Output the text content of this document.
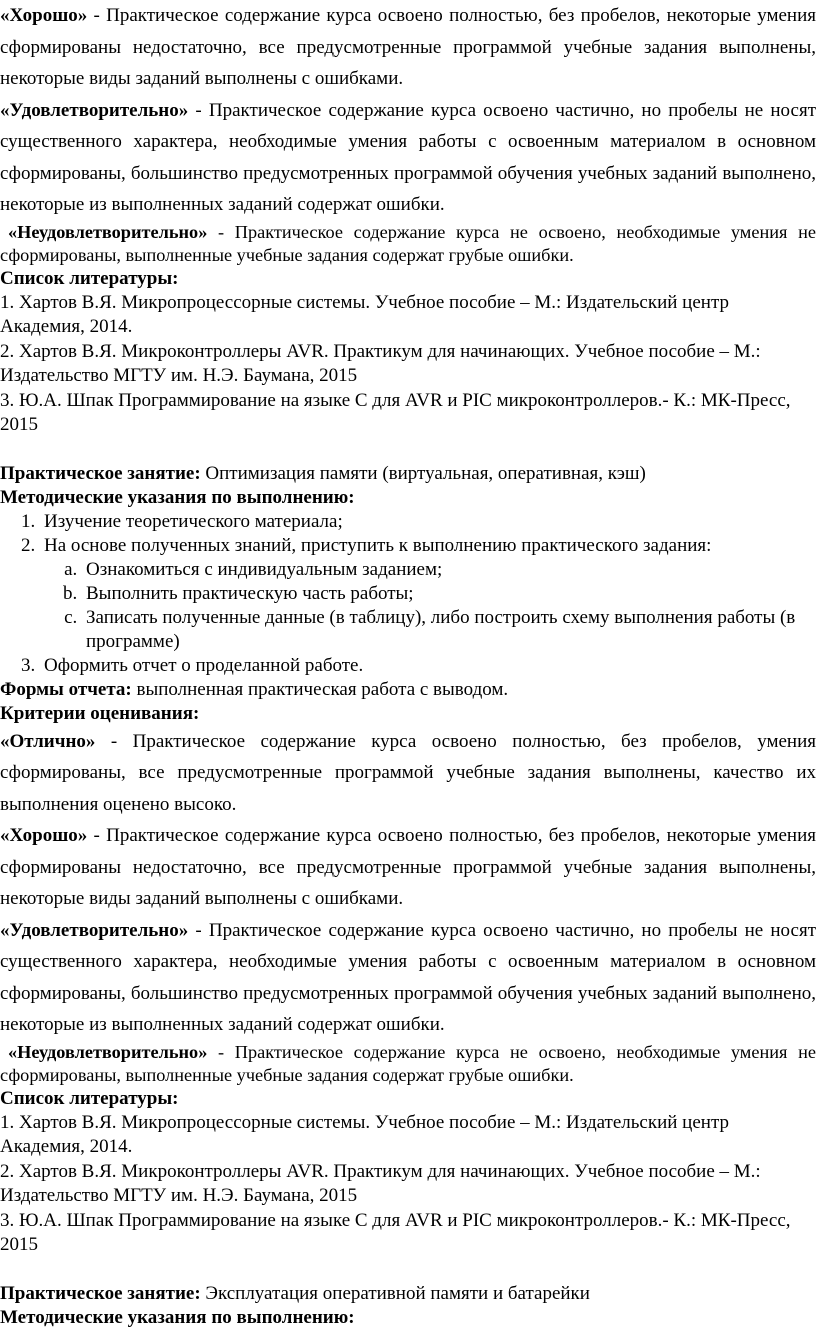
«Хорошо» - Практическое содержание курса освоено полностью, без пробелов, некоторые умения сформированы недостаточно, все предусмотренные программой учебные задания выполнены, некоторые виды заданий выполнены с ошибками.

«Удовлетворительно» - Практическое содержание курса освоено частично, но пробелы не носят существенного характера, необходимые умения работы с освоенным материалом в основном сформированы, большинство предусмотренных программой обучения учебных заданий выполнено, некоторые из выполненных заданий содержат ошибки.

«Неудовлетворительно» - Практическое содержание курса не освоено, необходимые умения не сформированы, выполненные учебные задания содержат грубые ошибки.

Список литературы:

1. Хартов В.Я. Микропроцессорные системы. Учебное пособие – М.: Издательский центр Академия, 2014.

2. Хартов В.Я. Микроконтроллеры AVR. Практикум для начинающих. Учебное пособие – М.: Издательство МГТУ им. Н.Э. Баумана, 2015

3. Ю.А. Шпак Программирование на языке С для AVR и PIC микроконтроллеров.- К.: МК-Пресс, 2015

Практическое занятие: Оптимизация памяти (виртуальная, оперативная, кэш)

Методические указания по выполнению:

1. Изучение теоретического материала;
2. На основе полученных знаний, приступить к выполнению практического задания:
a. Ознакомиться с индивидуальным заданием;
b. Выполнить практическую часть работы;
c. Записать полученные данные (в таблицу), либо построить схему выполнения работы (в программе)
3. Оформить отчет о проделанной работе.

Формы отчета: выполненная практическая работа с выводом.

Критерии оценивания:

«Отлично» - Практическое содержание курса освоено полностью, без пробелов, умения сформированы, все предусмотренные программой учебные задания выполнены, качество их выполнения оценено высоко.

«Хорошо» - Практическое содержание курса освоено полностью, без пробелов, некоторые умения сформированы недостаточно, все предусмотренные программой учебные задания выполнены, некоторые виды заданий выполнены с ошибками.

«Удовлетворительно» - Практическое содержание курса освоено частично, но пробелы не носят существенного характера, необходимые умения работы с освоенным материалом в основном сформированы, большинство предусмотренных программой обучения учебных заданий выполнено, некоторые из выполненных заданий содержат ошибки.

«Неудовлетворительно» - Практическое содержание курса не освоено, необходимые умения не сформированы, выполненные учебные задания содержат грубые ошибки.

Список литературы:

1. Хартов В.Я. Микропроцессорные системы. Учебное пособие – М.: Издательский центр Академия, 2014.

2. Хартов В.Я. Микроконтроллеры AVR. Практикум для начинающих. Учебное пособие – М.: Издательство МГТУ им. Н.Э. Баумана, 2015

3. Ю.А. Шпак Программирование на языке С для AVR и PIC микроконтроллеров.- К.: МК-Пресс, 2015

Практическое занятие: Эксплуатация оперативной памяти и батарейки

Методические указания по выполнению:
